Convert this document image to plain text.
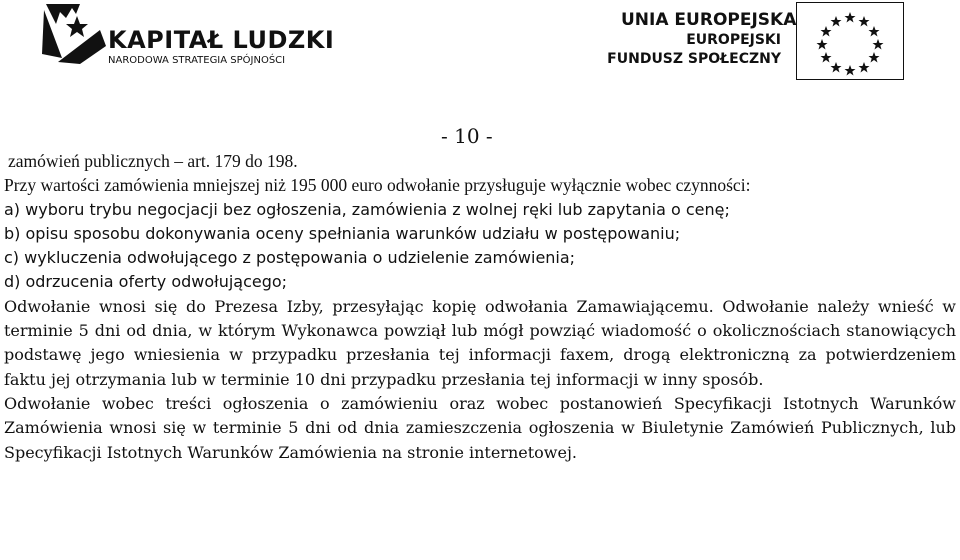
KAPITAŁ LUDZKI
NARODOWA STRATEGIA SPÓJNOŚCI
UNIA EUROPEJSKA
EUROPEJSKI
FUNDUSZ SPOŁECZNY
- 10 -

zamówień publicznych – art. 179 do 198.

Przy wartości zamówienia mniejszej niż 195 000 euro odwołanie przysługuje wyłącznie wobec czynności:

a) wyboru trybu negocjacji bez ogłoszenia, zamówienia z wolnej ręki lub zapytania o cenę;

b) opisu sposobu dokonywania oceny spełniania warunków udziału w postępowaniu;

c) wykluczenia odwołującego z postępowania o udzielenie zamówienia;

d) odrzucenia oferty odwołującego;

Odwołanie wnosi się do Prezesa Izby, przesyłając kopię odwołania Zamawiającemu. Odwołanie należy wnieść w terminie 5 dni od dnia, w którym Wykonawca powziął lub mógł powziąć wiadomość o okolicznościach stanowiących podstawę jego wniesienia w przypadku przesłania tej informacji faxem, drogą elektroniczną za potwierdzeniem faktu jej otrzymania lub w terminie 10 dni przypadku przesłania tej informacji w inny sposób.

Odwołanie wobec treści ogłoszenia o zamówieniu oraz wobec postanowień Specyfikacji Istotnych Warunków Zamówienia wnosi się w terminie 5 dni od dnia zamieszczenia ogłoszenia w Biuletynie Zamówień Publicznych, lub Specyfikacji Istotnych Warunków Zamówienia na stronie internetowej.
